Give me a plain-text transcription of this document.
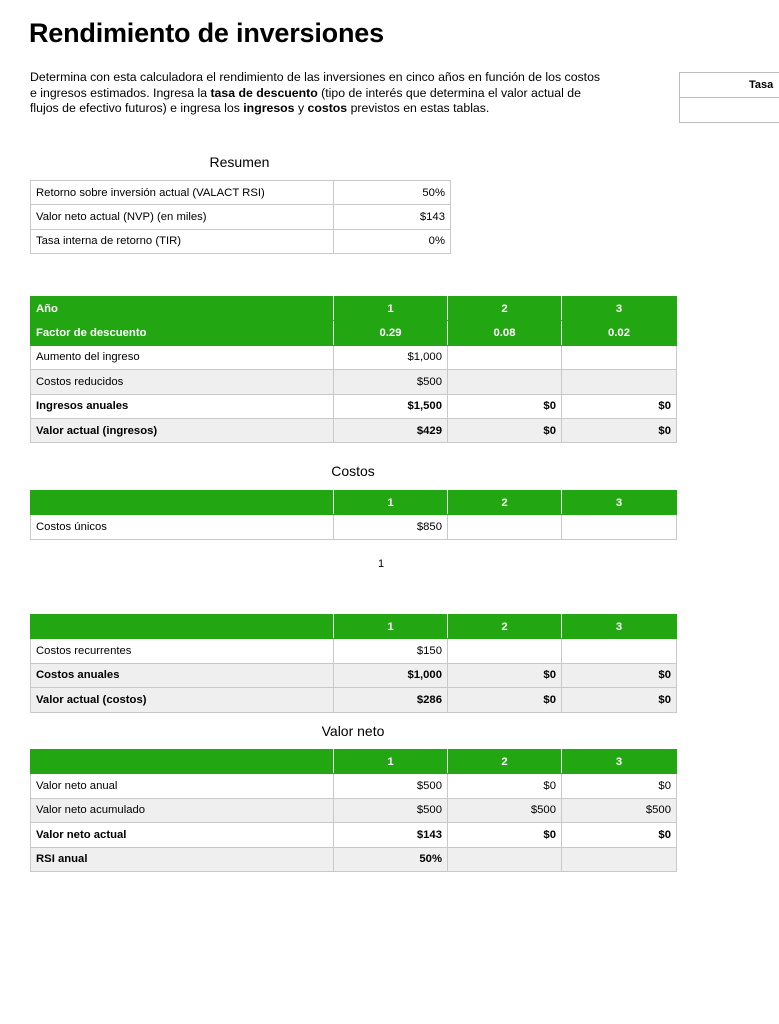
Rendimiento de inversiones
Determina con esta calculadora el rendimiento de las inversiones en cinco años en función de los costos e ingresos estimados. Ingresa la tasa de descuento (tipo de interés que determina el valor actual de flujos de efectivo futuros) e ingresa los ingresos y costos previstos en estas tablas.
Tasa
Resumen
Retorno sobre inversión actual (VALACT RSI)	50%
Valor neto actual (NVP) (en miles)	$143
Tasa interna de retorno (TIR)	0%
Año	1	2	3
Factor de descuento	0.29	0.08	0.02
Aumento del ingreso	$1,000		
Costos reducidos	$500		
Ingresos anuales	$1,500	$0	$0
Valor actual (ingresos)	$429	$0	$0
Costos
	1	2	3
Costos únicos	$850		
1
	1	2	3
Costos recurrentes	$150		
Costos anuales	$1,000	$0	$0
Valor actual (costos)	$286	$0	$0
Valor neto
	1	2	3
Valor neto anual	$500	$0	$0
Valor neto acumulado	$500	$500	$500
Valor neto actual	$143	$0	$0
RSI anual	50%		
